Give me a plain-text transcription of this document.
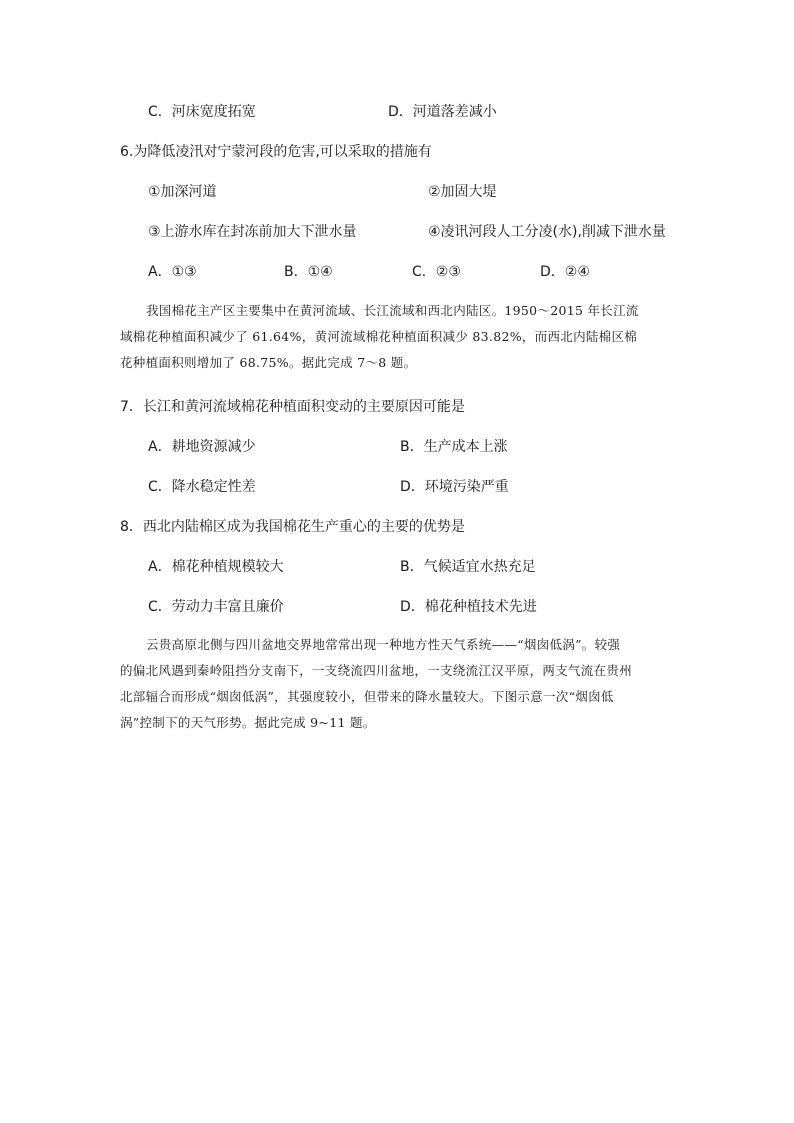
C．河床宽度拓宽	D．河道落差减小
6.为降低凌汛对宁蒙河段的危害,可以采取的措施有
①加深河道	②加固大堤
③上游水库在封冻前加大下泄水量	④凌讯河段人工分凌(水),削减下泄水量
A．①③	B．①④	C．②③	D．②④
我国棉花主产区主要集中在黄河流域、长江流域和西北内陆区。1950～2015 年长江流
域棉花种植面积减少了 61.64%，黄河流域棉花种植面积减少 83.82%，而西北内陆棉区棉
花种植面积则增加了 68.75%。据此完成 7～8 题。
7．长江和黄河流域棉花种植面积变动的主要原因可能是
A．耕地资源减少	B．生产成本上涨
C．降水稳定性差	D．环境污染严重
8．西北内陆棉区成为我国棉花生产重心的主要的优势是
A．棉花种植规模较大	B．气候适宜水热充足
C．劳动力丰富且廉价	D．棉花种植技术先进
云贵高原北侧与四川盆地交界地常常出现一种地方性天气系统——“烟囱低涡”。较强
的偏北风遇到秦岭阻挡分支南下，一支绕流四川盆地，一支绕流江汉平原，两支气流在贵州
北部辐合而形成“烟囱低涡”，其强度较小，但带来的降水量较大。下图示意一次“烟囱低
涡”控制下的天气形势。据此完成 9~11 题。
